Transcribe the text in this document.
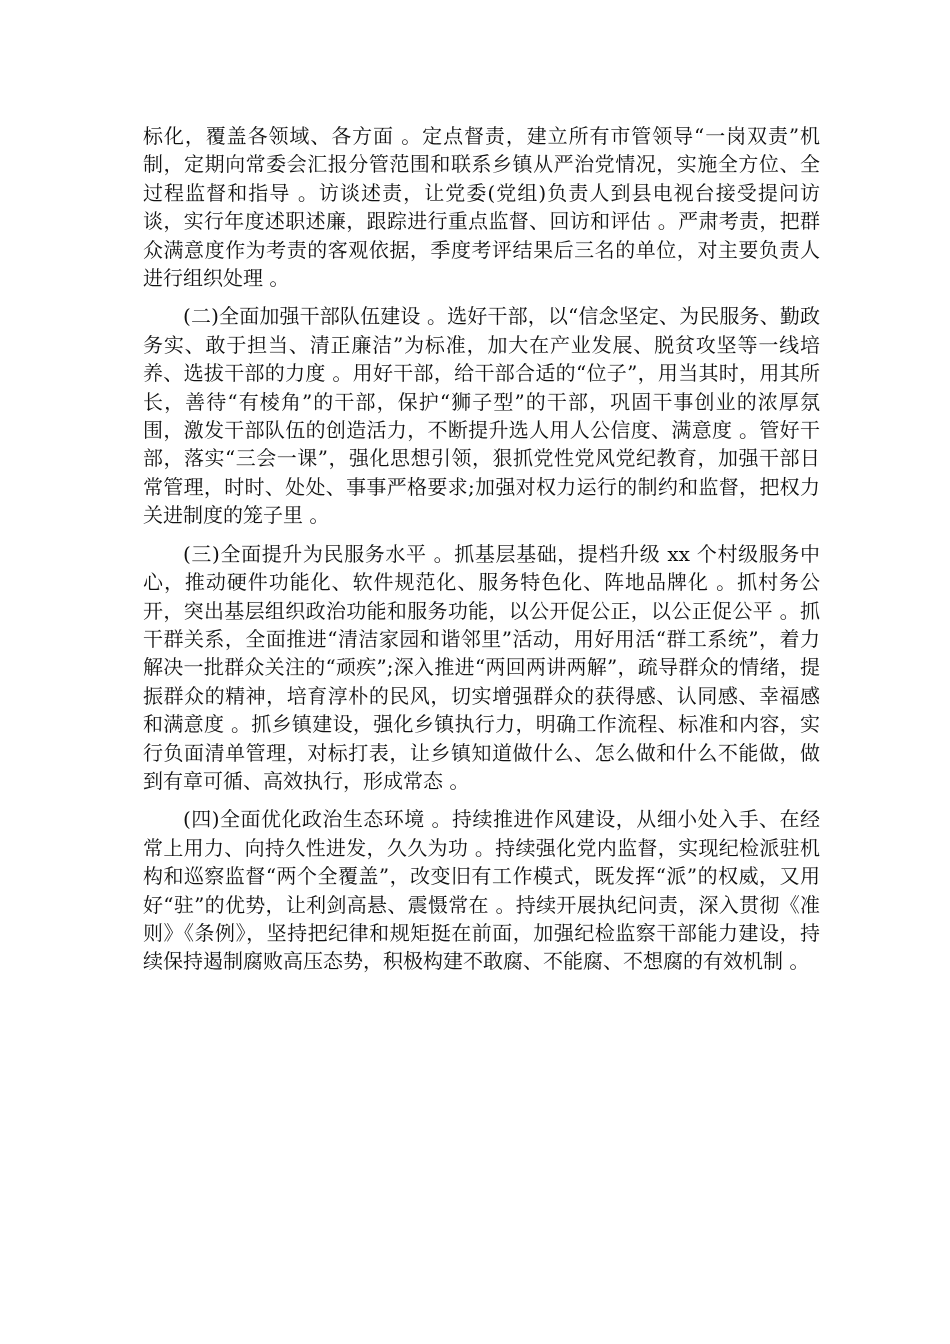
标化，覆盖各领域、各方面 。定点督责，建立所有市管领导“一岗双责”机制，定期向常委会汇报分管范围和联系乡镇从严治党情况，实施全方位、全过程监督和指导 。访谈述责，让党委(党组)负责人到县电视台接受提问访谈，实行年度述职述廉，跟踪进行重点监督、回访和评估 。严肃考责，把群众满意度作为考责的客观依据，季度考评结果后三名的单位，对主要负责人进行组织处理 。

(二)全面加强干部队伍建设 。选好干部，以“信念坚定、为民服务、勤政务实、敢于担当、清正廉洁”为标准，加大在产业发展、脱贫攻坚等一线培养、选拔干部的力度 。用好干部，给干部合适的“位子”，用当其时，用其所长，善待“有棱角”的干部，保护“狮子型”的干部，巩固干事创业的浓厚氛围，激发干部队伍的创造活力，不断提升选人用人公信度、满意度 。管好干部，落实“三会一课”，强化思想引领，狠抓党性党风党纪教育，加强干部日常管理，时时、处处、事事严格要求;加强对权力运行的制约和监督，把权力关进制度的笼子里 。

(三)全面提升为民服务水平 。抓基层基础，提档升级 xx 个村级服务中心，推动硬件功能化、软件规范化、服务特色化、阵地品牌化 。抓村务公开，突出基层组织政治功能和服务功能，以公开促公正，以公正促公平 。抓干群关系，全面推进“清洁家园和谐邻里”活动，用好用活“群工系统”，着力解决一批群众关注的“顽疾”;深入推进“两回两讲两解”，疏导群众的情绪，提振群众的精神，培育淳朴的民风，切实增强群众的获得感、认同感、幸福感和满意度 。抓乡镇建设，强化乡镇执行力，明确工作流程、标准和内容，实行负面清单管理，对标打表，让乡镇知道做什么、怎么做和什么不能做，做到有章可循、高效执行，形成常态 。

(四)全面优化政治生态环境 。持续推进作风建设，从细小处入手、在经常上用力、向持久性进发，久久为功 。持续强化党内监督，实现纪检派驻机构和巡察监督“两个全覆盖”，改变旧有工作模式，既发挥“派”的权威，又用好“驻”的优势，让利剑高悬、震慑常在 。持续开展执纪问责，深入贯彻《准则》《条例》，坚持把纪律和规矩挺在前面，加强纪检监察干部能力建设，持续保持遏制腐败高压态势，积极构建不敢腐、不能腐、不想腐的有效机制 。
